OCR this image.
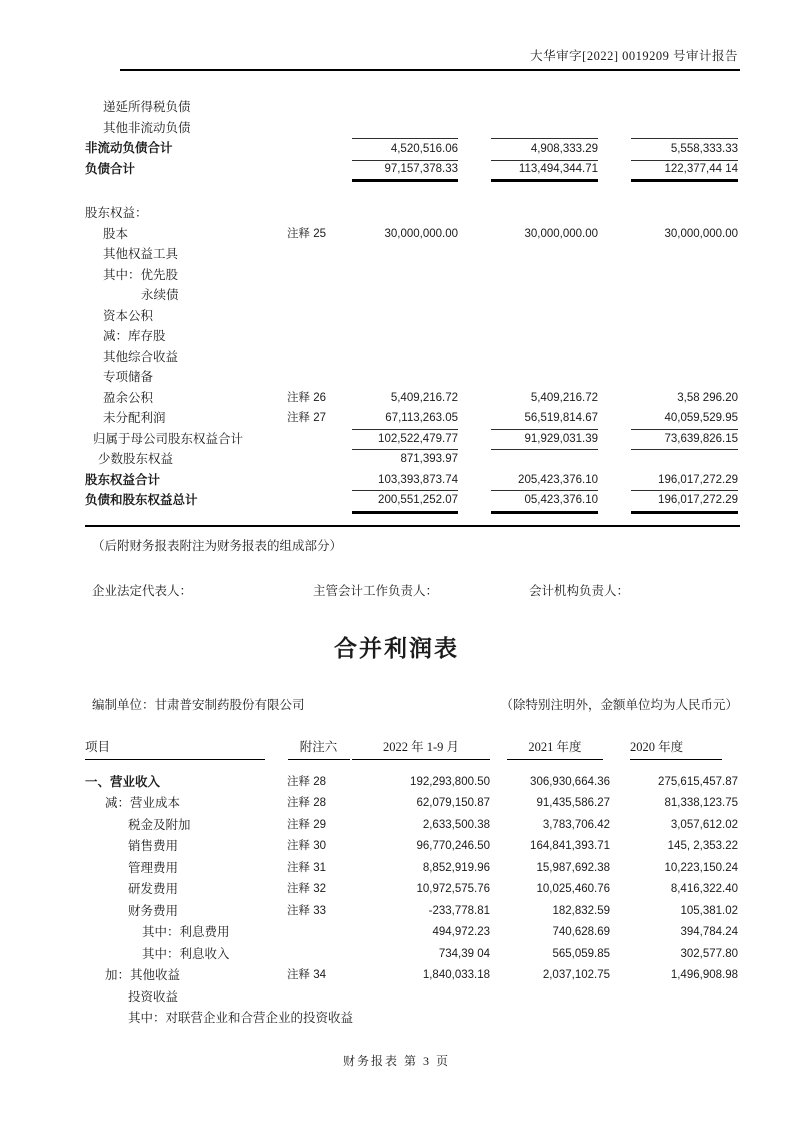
大华审字[2022] 0019209 号审计报告
递延所得税负债
其他非流动负债
非流动负债合计	4,520,516.06	4,908,333.29	5,558,333.33
负债合计	97,157,378.33	113,494,344.71	122,377,44 14
股东权益：
股本	注释 25	30,000,000.00	30,000,000.00	30,000,000.00
其他权益工具
其中：优先股
永续债
资本公积
减：库存股
其他综合收益
专项储备
盈余公积	注释 26	5,409,216.72	5,409,216.72	3,58 296.20
未分配利润	注释 27	67,113,263.05	56,519,814.67	40,059,529.95
归属于母公司股东权益合计	102,522,479.77	91,929,031.39	73,639,826.15
少数股东权益	871,393.97
股东权益合计	103,393,873.74	205,423,376.10	196,017,272.29
负债和股东权益总计	200,551,252.07	05,423,376.10	196,017,272.29
（后附财务报表附注为财务报表的组成部分）
企业法定代表人：	主管会计工作负责人：	会计机构负责人：
合并利润表
编制单位：甘肃普安制药股份有限公司	（除特别注明外，金额单位均为人民币元）
项目	附注六	2022 年 1-9 月	2021 年度	2020 年度
一、营业收入	注释 28	192,293,800.50	306,930,664.36	275,615,457.87
减：营业成本	注释 28	62,079,150.87	91,435,586.27	81,338,123.75
税金及附加	注释 29	2,633,500.38	3,783,706.42	3,057,612.02
销售费用	注释 30	96,770,246.50	164,841,393.71	145, 2,353.22
管理费用	注释 31	8,852,919.96	15,987,692.38	10,223,150.24
研发费用	注释 32	10,972,575.76	10,025,460.76	8,416,322.40
财务费用	注释 33	-233,778.81	182,832.59	105,381.02
其中：利息费用	494,972.23	740,628.69	394,784.24
其中：利息收入	734,39 04	565,059.85	302,577.80
加：其他收益	注释 34	1,840,033.18	2,037,102.75	1,496,908.98
投资收益
其中：对联营企业和合营企业的投资收益
财务报表 第 3 页
